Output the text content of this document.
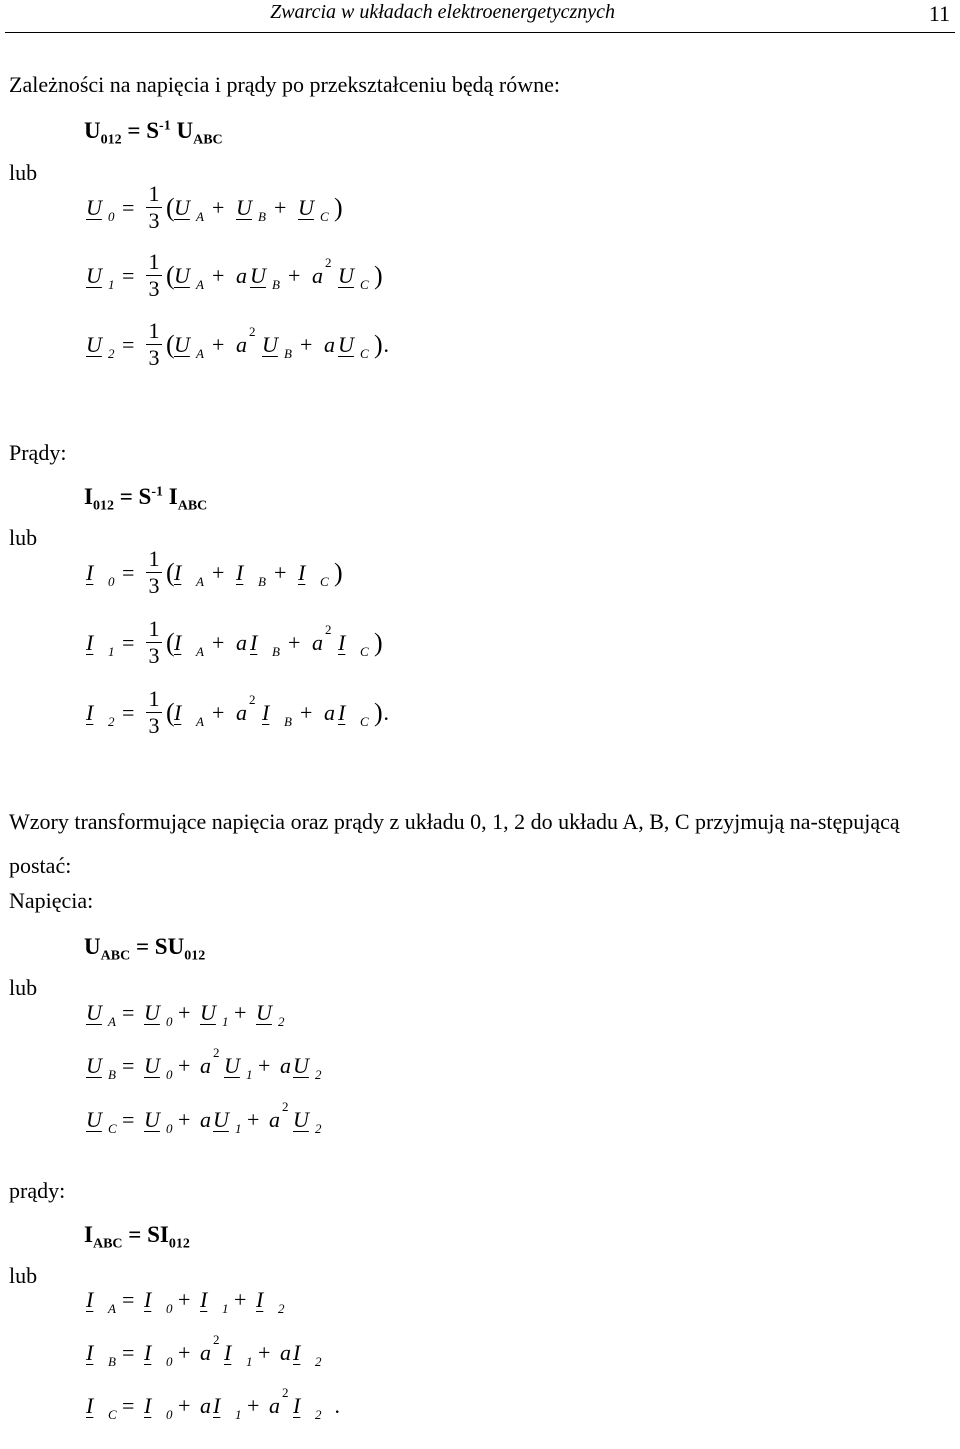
Zwarcia w układach elektroenergetycznych	11
Zależności na napięcia i prądy po przekształceniu będą równe:
$U_{012} = S^{-1}$ $U_{ABC}$
lub
U 0 =
1
3 ( U A + U B + U C )
U 1 =
1
3 ( U A + a U B + a
2
U C )
U 2 =
1
3 ( U A + a
2
U B + a U C ) .
I 0 =
1
3 ( I A + I B + I C )
I 1 =
1
3 ( I A + a I B + a
2
I C )
I 2 =
1
3 ( I A + a
2
I B + a I C ) .
U A = U 0 + U 1 + U 2
U B = U 0 + a
2
U 1 + a U 2
U C = U 0 + a U 1 + a
2
U 2
I A = I 0 + I 1 + I 2
I B = I 0 + a
2
I 1 + a I 2
I C = I 0 + a I 1 + a
2
I 2 .
Prądy:
$I_{012} = S^{-1}$ $I_{ABC}$
lub
Wzory transformujące napięcia oraz prądy z układu 0, 1, 2 do układu A, B, C przyjmują na-stępującą postać:
Napięcia:
$U_{ABC} = SU_{012}$
lub
prądy:
$I_{ABC} = SI_{012}$
lub
